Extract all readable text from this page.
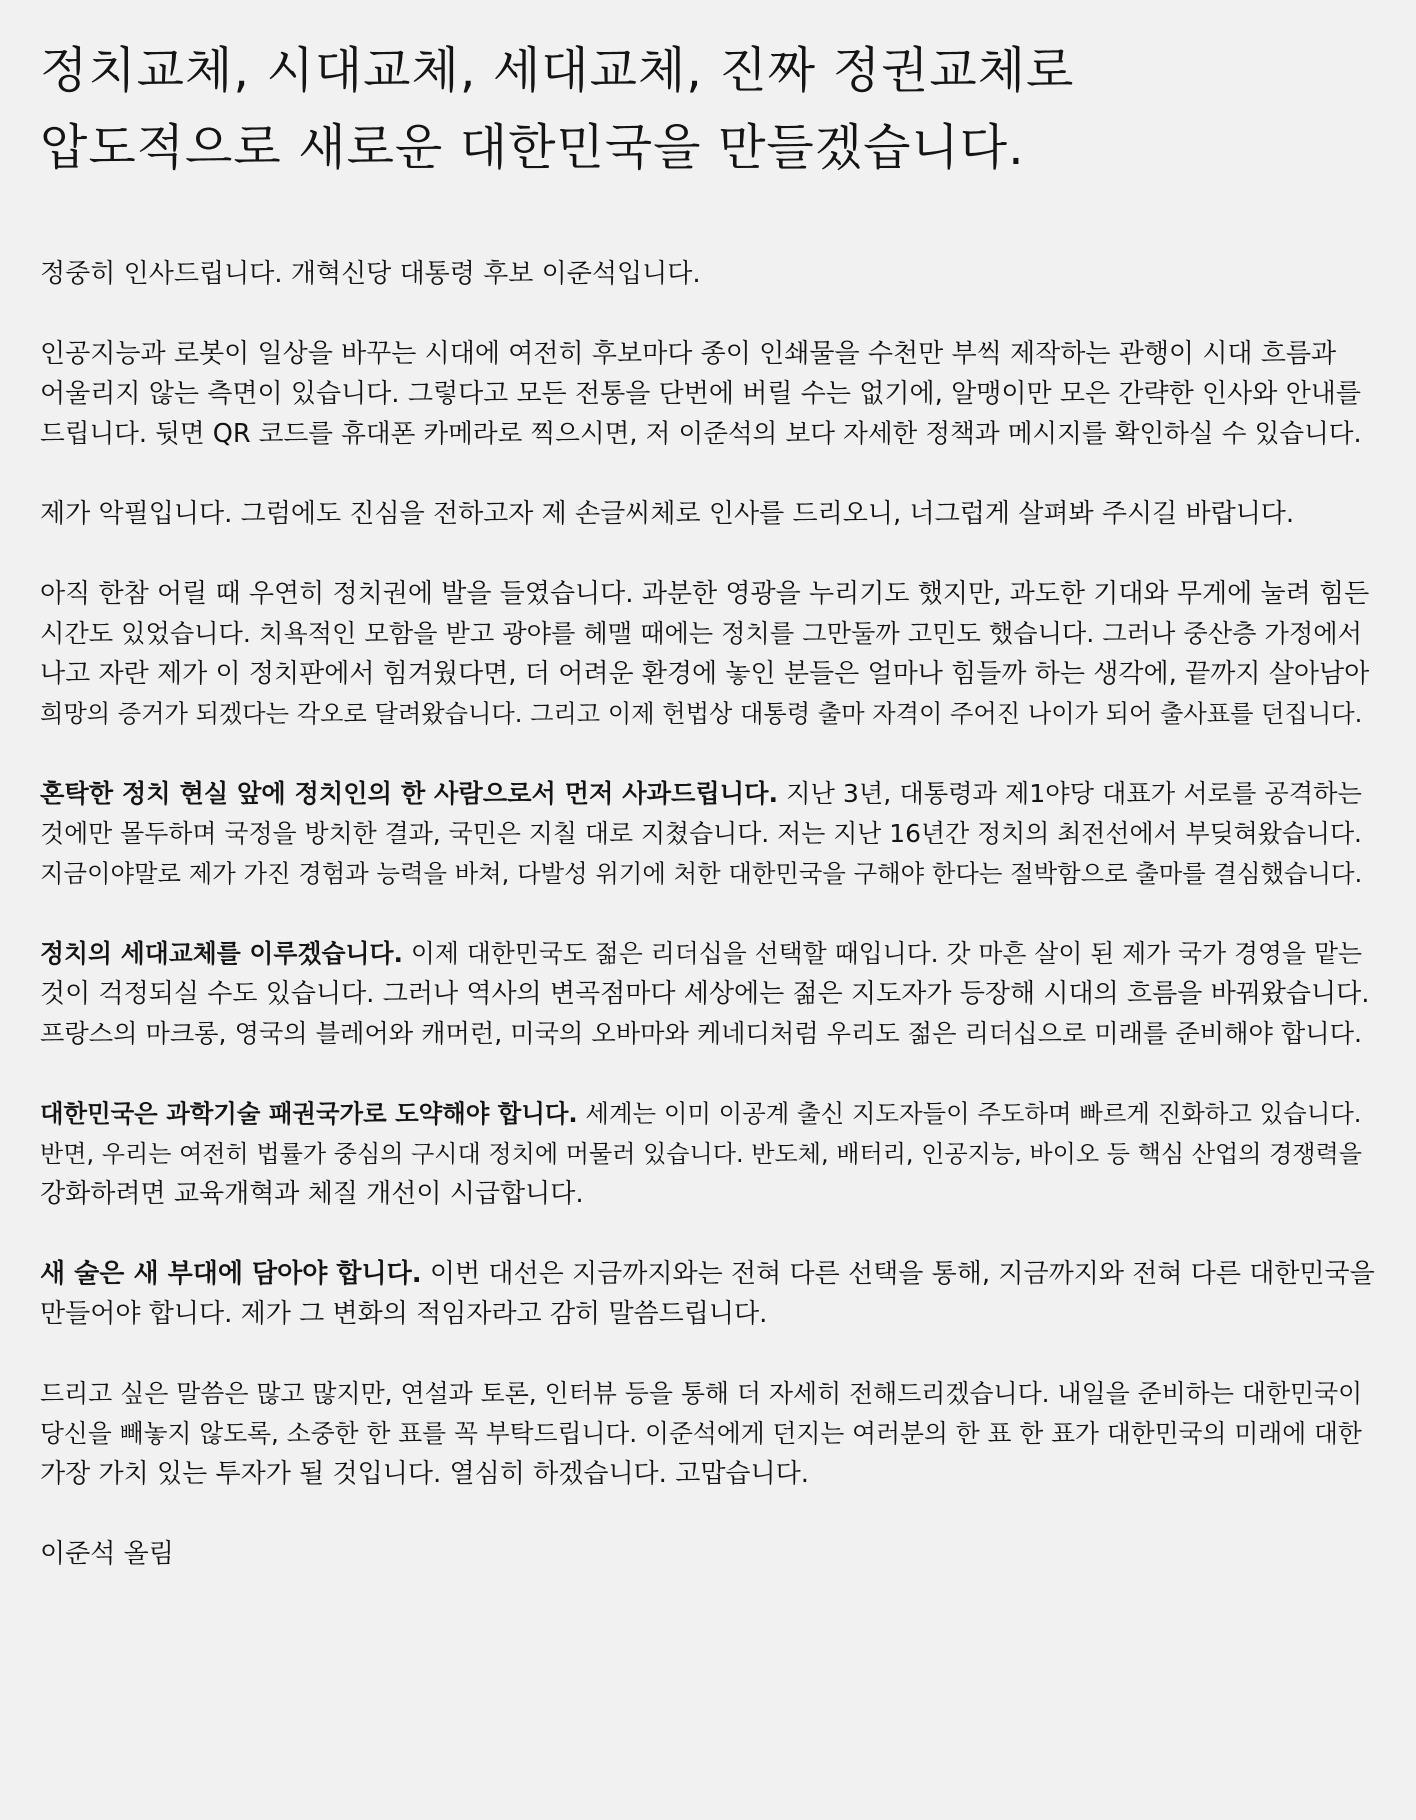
정치교체, 시대교체, 세대교체, 진짜 정권교체로
압도적으로 새로운 대한민국을 만들겠습니다.

정중히 인사드립니다. 개혁신당 대통령 후보 이준석입니다.

인공지능과 로봇이 일상을 바꾸는 시대에 여전히 후보마다 종이 인쇄물을 수천만 부씩 제작하는 관행이 시대 흐름과
어울리지 않는 측면이 있습니다. 그렇다고 모든 전통을 단번에 버릴 수는 없기에, 알맹이만 모은 간략한 인사와 안내를
드립니다. 뒷면 QR 코드를 휴대폰 카메라로 찍으시면, 저 이준석의 보다 자세한 정책과 메시지를 확인하실 수 있습니다.

제가 악필입니다. 그럼에도 진심을 전하고자 제 손글씨체로 인사를 드리오니, 너그럽게 살펴봐 주시길 바랍니다.

아직 한참 어릴 때 우연히 정치권에 발을 들였습니다. 과분한 영광을 누리기도 했지만, 과도한 기대와 무게에 눌려 힘든
시간도 있었습니다. 치욕적인 모함을 받고 광야를 헤맬 때에는 정치를 그만둘까 고민도 했습니다. 그러나 중산층 가정에서
나고 자란 제가 이 정치판에서 힘겨웠다면, 더 어려운 환경에 놓인 분들은 얼마나 힘들까 하는 생각에, 끝까지 살아남아
희망의 증거가 되겠다는 각오로 달려왔습니다. 그리고 이제 헌법상 대통령 출마 자격이 주어진 나이가 되어 출사표를 던집니다.

혼탁한 정치 현실 앞에 정치인의 한 사람으로서 먼저 사과드립니다. 지난 3년, 대통령과 제1야당 대표가 서로를 공격하는
것에만 몰두하며 국정을 방치한 결과, 국민은 지칠 대로 지쳤습니다. 저는 지난 16년간 정치의 최전선에서 부딪혀왔습니다.
지금이야말로 제가 가진 경험과 능력을 바쳐, 다발성 위기에 처한 대한민국을 구해야 한다는 절박함으로 출마를 결심했습니다.

정치의 세대교체를 이루겠습니다. 이제 대한민국도 젊은 리더십을 선택할 때입니다. 갓 마흔 살이 된 제가 국가 경영을 맡는
것이 걱정되실 수도 있습니다. 그러나 역사의 변곡점마다 세상에는 젊은 지도자가 등장해 시대의 흐름을 바꿔왔습니다.
프랑스의 마크롱, 영국의 블레어와 캐머런, 미국의 오바마와 케네디처럼 우리도 젊은 리더십으로 미래를 준비해야 합니다.

대한민국은 과학기술 패권국가로 도약해야 합니다. 세계는 이미 이공계 출신 지도자들이 주도하며 빠르게 진화하고 있습니다.
반면, 우리는 여전히 법률가 중심의 구시대 정치에 머물러 있습니다. 반도체, 배터리, 인공지능, 바이오 등 핵심 산업의 경쟁력을
강화하려면 교육개혁과 체질 개선이 시급합니다.

새 술은 새 부대에 담아야 합니다. 이번 대선은 지금까지와는 전혀 다른 선택을 통해, 지금까지와 전혀 다른 대한민국을
만들어야 합니다. 제가 그 변화의 적임자라고 감히 말씀드립니다.

드리고 싶은 말씀은 많고 많지만, 연설과 토론, 인터뷰 등을 통해 더 자세히 전해드리겠습니다. 내일을 준비하는 대한민국이
당신을 빼놓지 않도록, 소중한 한 표를 꼭 부탁드립니다. 이준석에게 던지는 여러분의 한 표 한 표가 대한민국의 미래에 대한
가장 가치 있는 투자가 될 것입니다. 열심히 하겠습니다. 고맙습니다.

이준석 올림
